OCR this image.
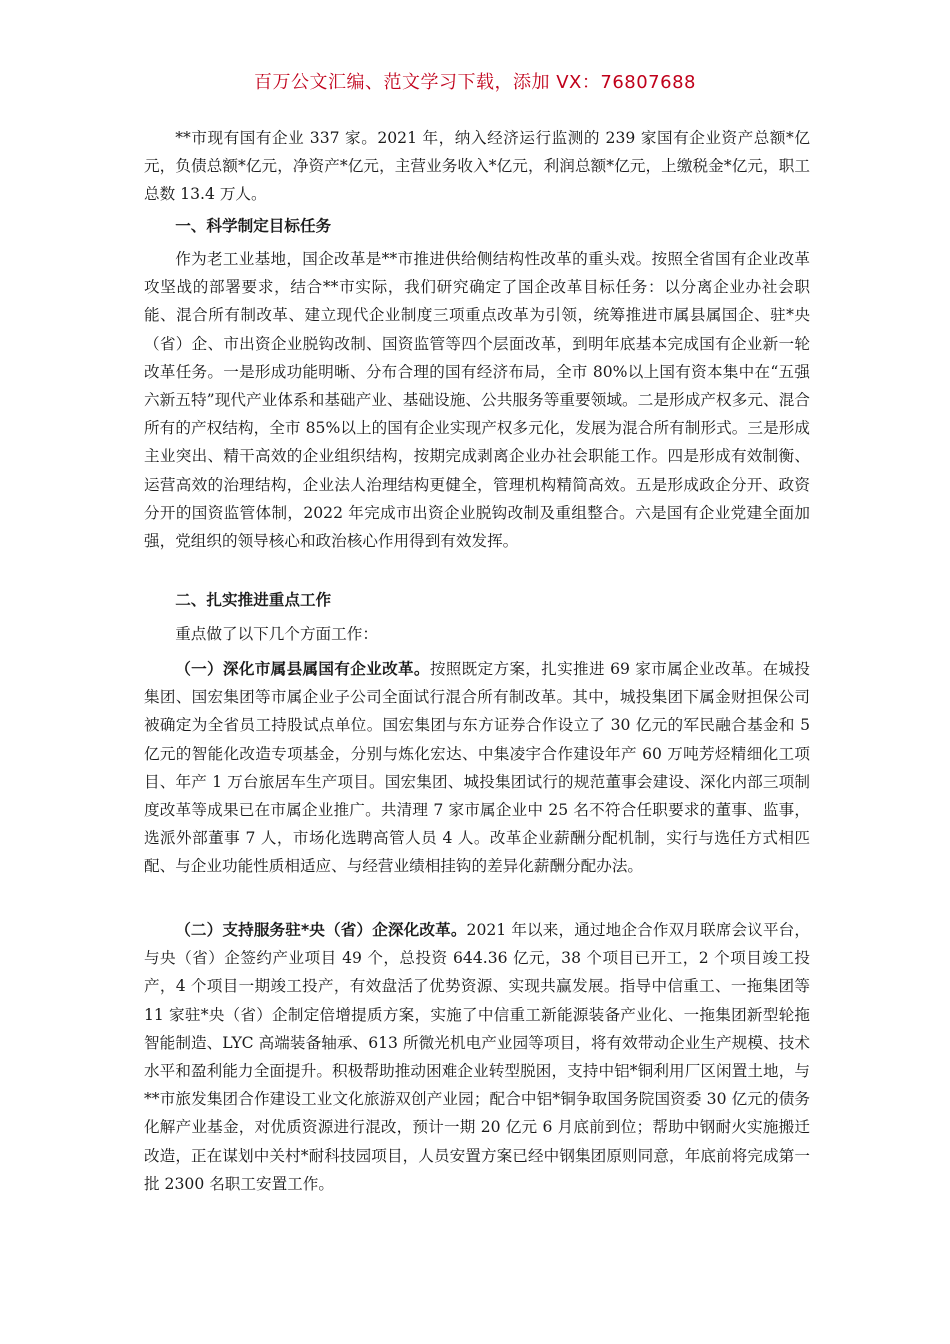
百万公文汇编、范文学习下载，添加 VX：76807688

**市现有国有企业 337 家。2021 年，纳入经济运行监测的 239 家国有企业资产总额*亿元，负债总额*亿元，净资产*亿元，主营业务收入*亿元，利润总额*亿元，上缴税金*亿元，职工总数 13.4 万人。

一、科学制定目标任务

作为老工业基地，国企改革是**市推进供给侧结构性改革的重头戏。按照全省国有企业改革攻坚战的部署要求，结合**市实际，我们研究确定了国企改革目标任务：以分离企业办社会职能、混合所有制改革、建立现代企业制度三项重点改革为引领，统筹推进市属县属国企、驻*央（省）企、市出资企业脱钩改制、国资监管等四个层面改革，到明年底基本完成国有企业新一轮改革任务。一是形成功能明晰、分布合理的国有经济布局，全市 80%以上国有资本集中在“五强六新五特”现代产业体系和基础产业、基础设施、公共服务等重要领域。二是形成产权多元、混合所有的产权结构，全市 85%以上的国有企业实现产权多元化，发展为混合所有制形式。三是形成主业突出、精干高效的企业组织结构，按期完成剥离企业办社会职能工作。四是形成有效制衡、运营高效的治理结构，企业法人治理结构更健全，管理机构精简高效。五是形成政企分开、政资分开的国资监管体制，2022 年完成市出资企业脱钩改制及重组整合。六是国有企业党建全面加强，党组织的领导核心和政治核心作用得到有效发挥。

二、扎实推进重点工作

重点做了以下几个方面工作：

（一）深化市属县属国有企业改革。按照既定方案，扎实推进 69 家市属企业改革。在城投集团、国宏集团等市属企业子公司全面试行混合所有制改革。其中，城投集团下属金财担保公司被确定为全省员工持股试点单位。国宏集团与东方证券合作设立了 30 亿元的军民融合基金和 5 亿元的智能化改造专项基金，分别与炼化宏达、中集凌宇合作建设年产 60 万吨芳烃精细化工项目、年产 1 万台旅居车生产项目。国宏集团、城投集团试行的规范董事会建设、深化内部三项制度改革等成果已在市属企业推广。共清理 7 家市属企业中 25 名不符合任职要求的董事、监事，选派外部董事 7 人，市场化选聘高管人员 4 人。改革企业薪酬分配机制，实行与选任方式相匹配、与企业功能性质相适应、与经营业绩相挂钩的差异化薪酬分配办法。

（二）支持服务驻*央（省）企深化改革。2021 年以来，通过地企合作双月联席会议平台，与央（省）企签约产业项目 49 个，总投资 644.36 亿元，38 个项目已开工，2 个项目竣工投产，4 个项目一期竣工投产，有效盘活了优势资源、实现共赢发展。指导中信重工、一拖集团等 11 家驻*央（省）企制定倍增提质方案，实施了中信重工新能源装备产业化、一拖集团新型轮拖智能制造、LYC 高端装备轴承、613 所微光机电产业园等项目，将有效带动企业生产规模、技术水平和盈利能力全面提升。积极帮助推动困难企业转型脱困，支持中铝*铜利用厂区闲置土地，与**市旅发集团合作建设工业文化旅游双创产业园；配合中铝*铜争取国务院国资委 30 亿元的债务化解产业基金，对优质资源进行混改，预计一期 20 亿元 6 月底前到位；帮助中钢耐火实施搬迁改造，正在谋划中关村*耐科技园项目，人员安置方案已经中钢集团原则同意，年底前将完成第一批 2300 名职工安置工作。
